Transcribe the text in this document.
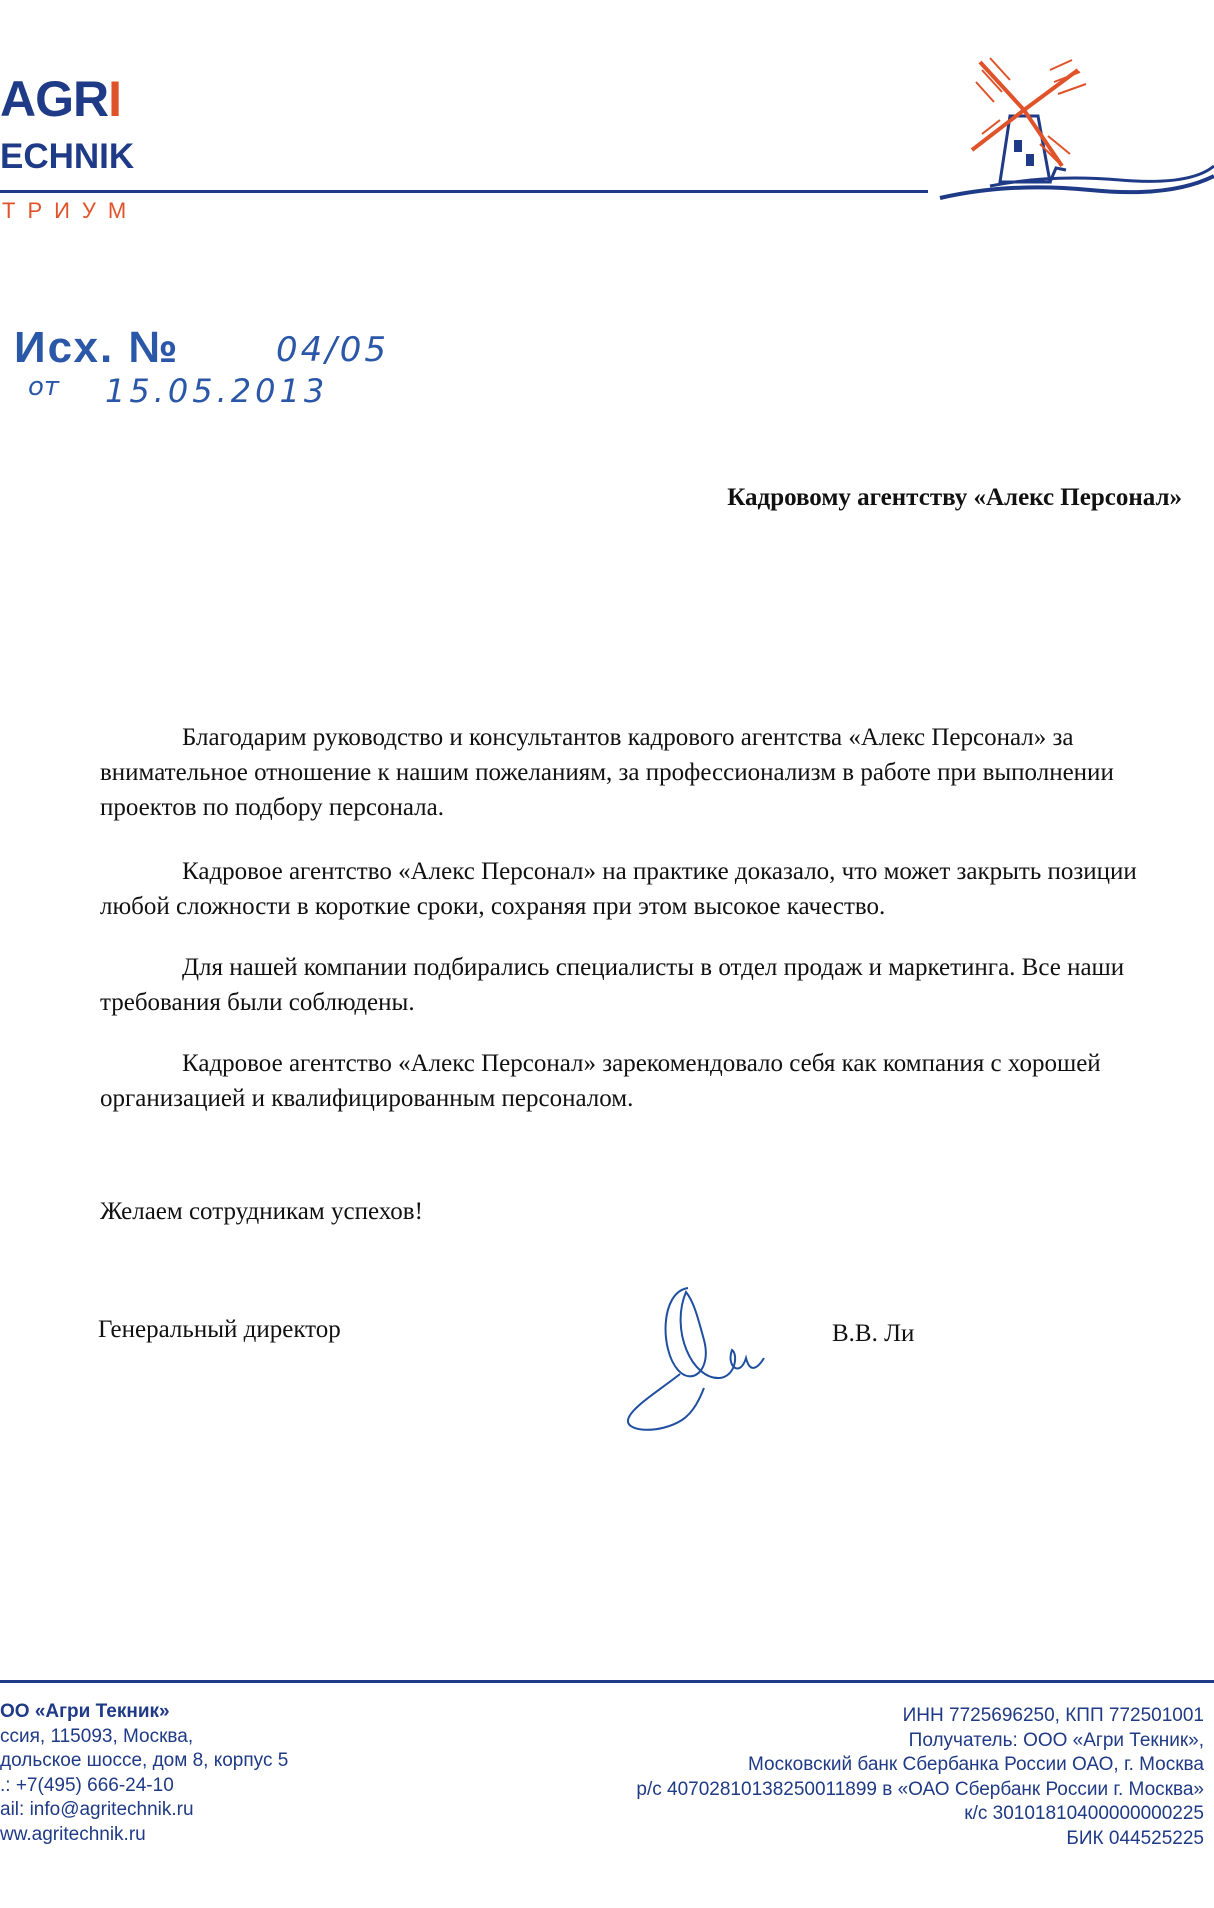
AGRI
ECHNIK
ТРИУМ
Исх. №	04/05
от 15.05.2013
Кадровому агентству «Алекс Персонал»
Благодарим руководство и консультантов кадрового агентства «Алекс Персонал» за внимательное отношение к нашим пожеланиям, за профессионализм в работе при выполнении проектов по подбору персонала.
Кадровое агентство «Алекс Персонал» на практике доказало, что может закрыть позиции любой сложности в короткие сроки, сохраняя при этом высокое качество.
Для нашей компании подбирались специалисты в отдел продаж и маркетинга. Все наши требования были соблюдены.
Кадровое агентство «Алекс Персонал» зарекомендовало себя как компания с хорошей организацией и квалифицированным персоналом.
Желаем сотрудникам успехов!
Генеральный директор	В.В. Ли
ОО «Агри Текник»
ссия, 115093, Москва,
дольское шоссе, дом 8, корпус 5
.: +7(495) 666-24-10
ail: info@agritechnik.ru
ww.agritechnik.ru
ИНН 7725696250, КПП 772501001
Получатель: ООО «Агри Текник»,
Московский банк Сбербанка России ОАО, г. Москва
р/с 40702810138250011899 в «ОАО Сбербанк России г. Москва»
к/с 30101810400000000225
БИК 044525225
